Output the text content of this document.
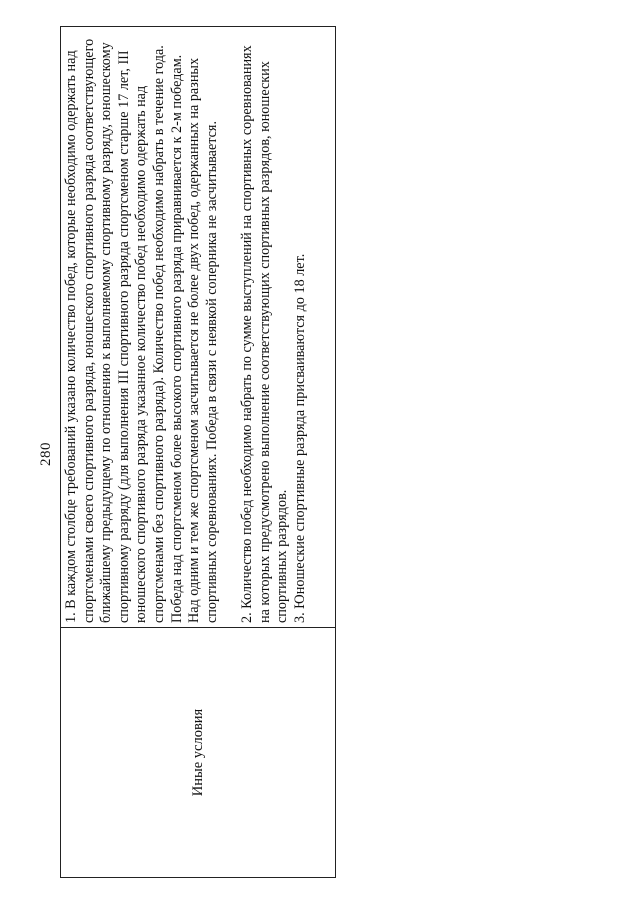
280
Иные условия

1. В каждом столбце требований указано количество побед, которые необходимо одержать над спортсменами своего спортивного разряда, юношеского спортивного разряда соответствующего ближайшему предыдущему по отношению к выполняемому спортивному разряду, юношескому спортивному разряду (для выполнения III спортивного разряда спортсменом старше 17 лет, III юношеского спортивного разряда указанное количество побед необходимо одержать над спортсменами без спортивного разряда). Количество побед необходимо набрать в течение года. Победа над спортсменом более высокого спортивного разряда приравнивается к 2-м победам. Над одним и тем же спортсменом засчитывается не более двух побед, одержанных на разных спортивных соревнованиях. Победа в связи с неявкой соперника не засчитывается. 2. Количество побед необходимо набрать по сумме выступлений на спортивных соревнованиях на которых предусмотрено выполнение соответствующих спортивных разрядов, юношеских спортивных разрядов. 3. Юношеские спортивные разряда присваиваются до 18 лет.
